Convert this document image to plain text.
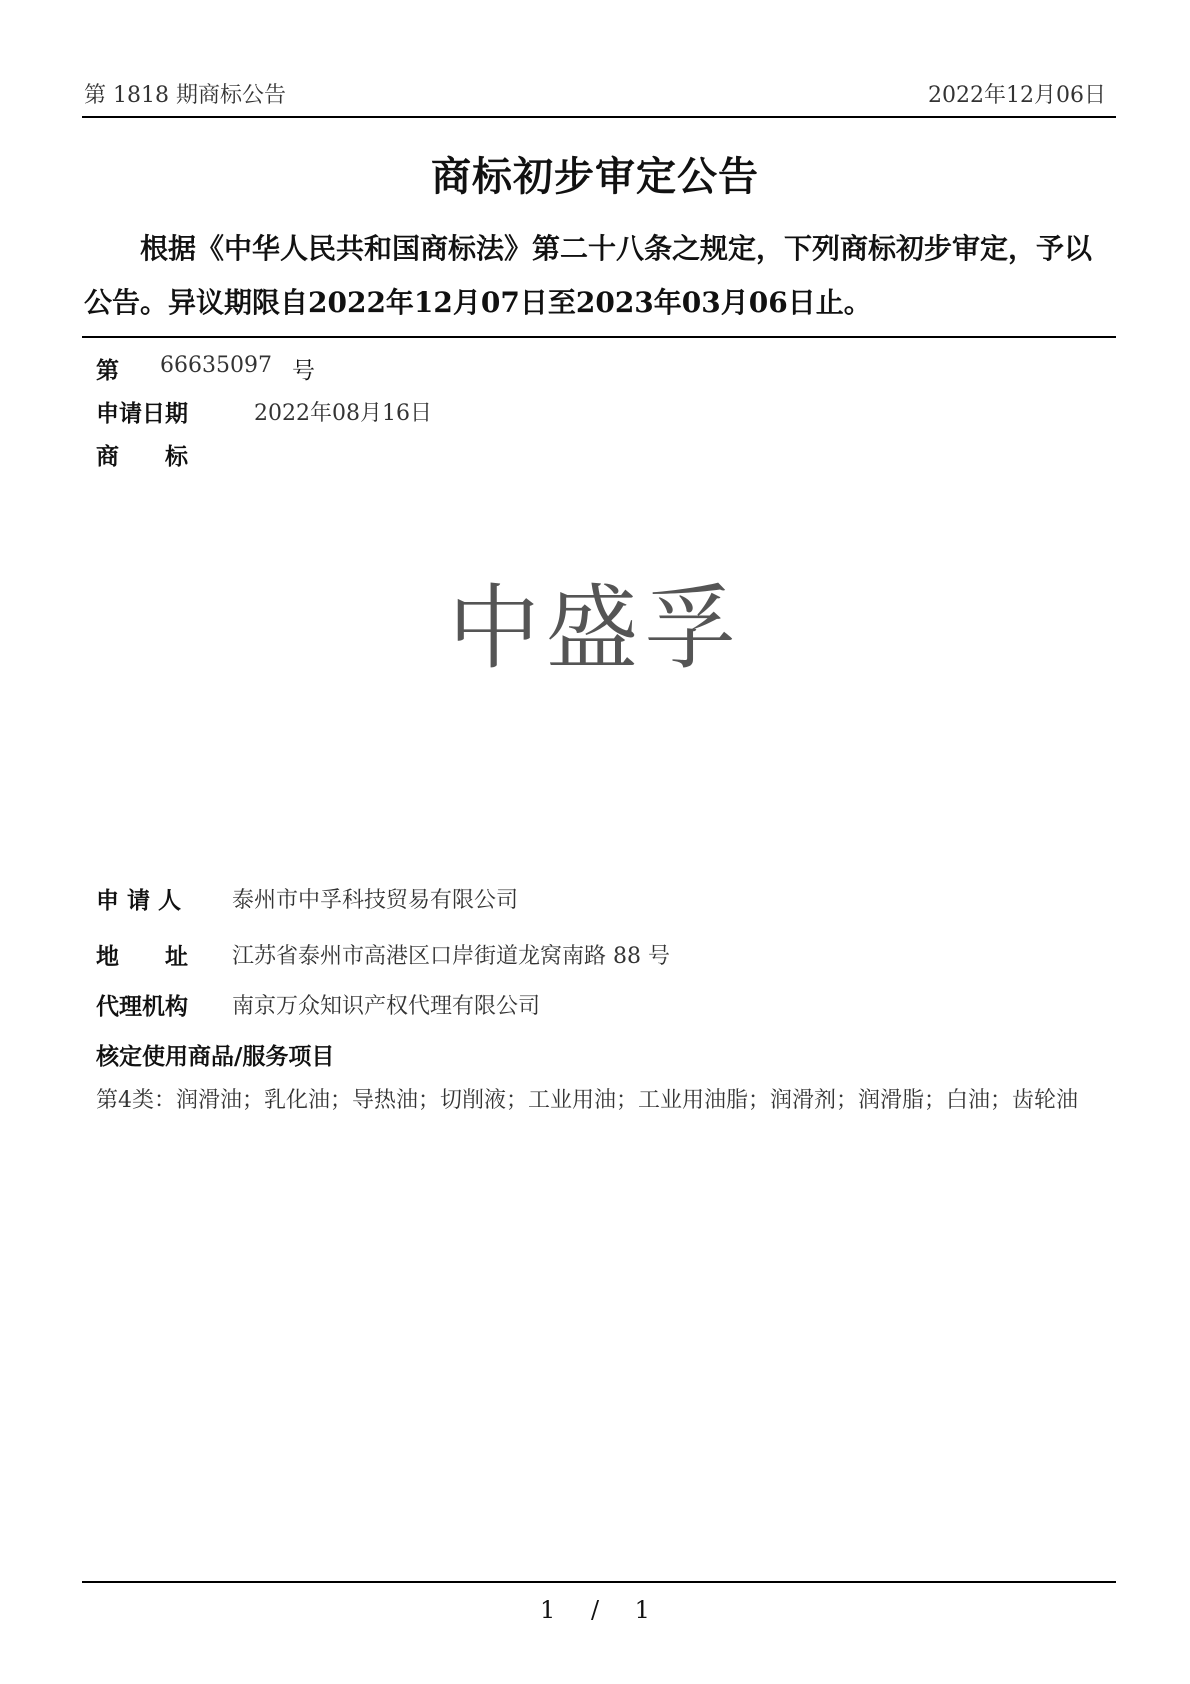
第 1818 期商标公告	2022年12月06日
商标初步审定公告
根据《中华人民共和国商标法》第二十八条之规定，下列商标初步审定，予以公告。异议期限自2022年12月07日至2023年03月06日止。
第 66635097 号
申请日期	2022年08月16日
商　　标
中盛孚
申 请 人 泰州市中孚科技贸易有限公司
地　　址 江苏省泰州市高港区口岸街道龙窝南路 88 号
代理机构 南京万众知识产权代理有限公司
核定使用商品/服务项目
第4类：润滑油；乳化油；导热油；切削液；工业用油；工业用油脂；润滑剂；润滑脂；白油；齿轮油
1 / 1
